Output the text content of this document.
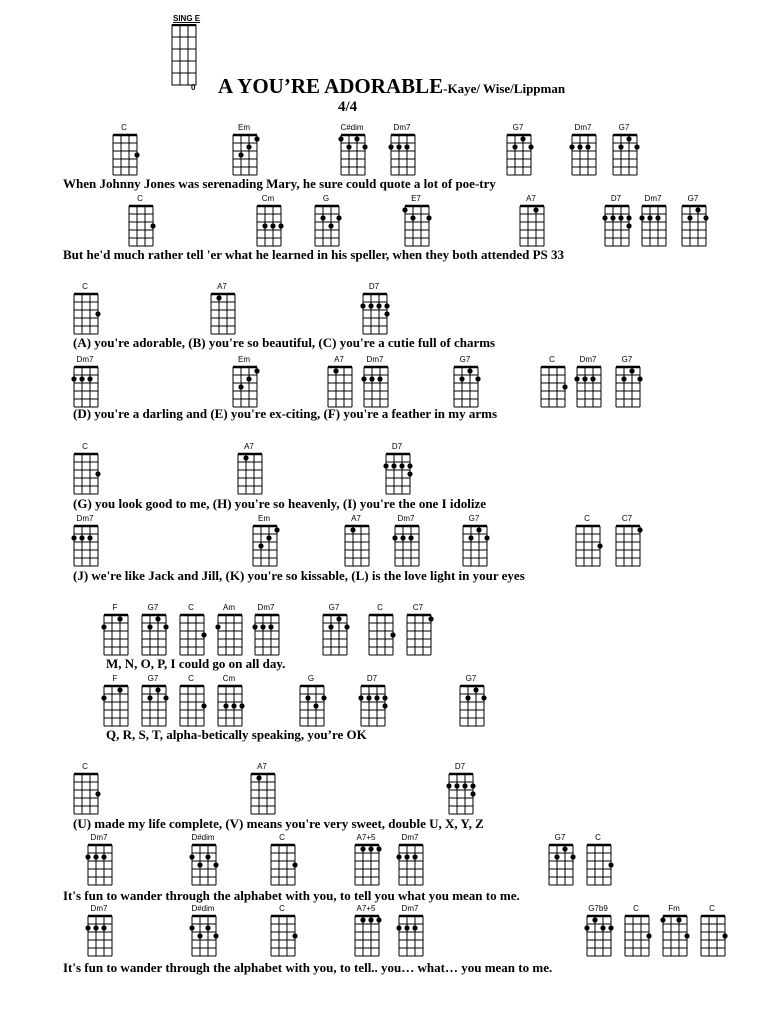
SING E
0 A YOU’RE ADORABLE-Kaye/ Wise/Lippman
4/4
C	Em	C#dim	Dm7	G7	Dm7	G7
When Johnny Jones was serenading Mary, he sure could quote a lot of poe-try
C	Cm	G	E7	A7	D7	Dm7	G7
But he'd much rather tell 'er what he learned in his speller, when they both attended PS 33
C	A7	D7
(A) you're adorable, (B) you're so beautiful, (C) you're a cutie full of charms
Dm7	Em	A7	Dm7	G7	C	Dm7	G7
(D) you're a darling and (E) you're ex-citing, (F) you're a feather in my arms
C	A7	D7
(G) you look good to me, (H) you're so heavenly, (I) you're the one I idolize
Dm7	Em	A7	Dm7	G7	C	C7
(J) we're like Jack and Jill, (K) you're so kissable, (L) is the love light in your eyes
F	G7	C	Am	Dm7	G7	C	C7
M, N, O, P, I could go on all day.
F	G7	C	Cm	G	D7	G7
Q, R, S, T, alpha-betically speaking, you’re OK
C	A7	D7
(U) made my life complete, (V) means you're very sweet, double U, X, Y, Z
Dm7	D#dim	C	A7+5	Dm7	G7	C
It's fun to wander through the alphabet with you, to tell you what you mean to me.
Dm7	D#dim	C	A7+5	Dm7	G7b9	C	Fm	C
It's fun to wander through the alphabet with you, to tell.. you… what… you mean to me.
